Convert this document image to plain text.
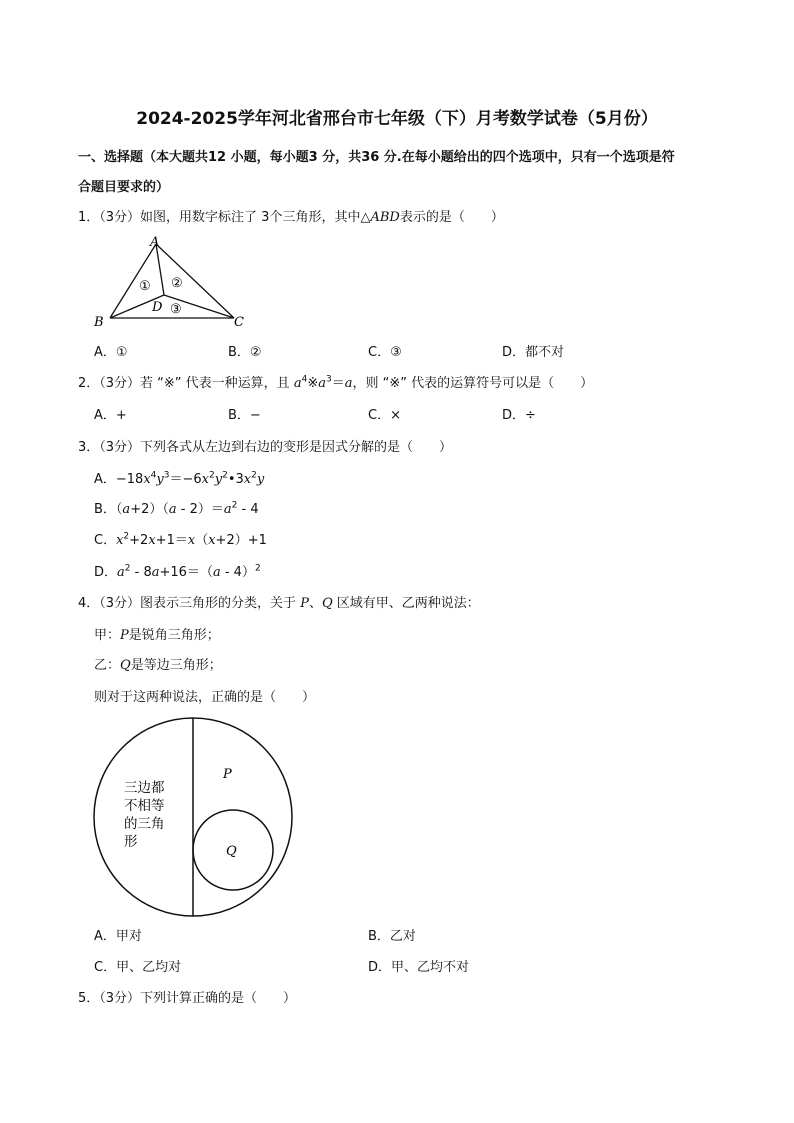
2024-2025学年河北省邢台市七年级（下）月考数学试卷（5月份）
一、选择题（本大题共12 小题，每小题3 分，共36 分.在每小题给出的四个选项中，只有一个选项是符
合题目要求的）
1．（3分）如图，用数字标注了 3个三角形，其中△ABD表示的是（　　）
A
B	C
D
① ②
③
A．①	B．②	C．③	D．都不对
2．（3分）若 “※” 代表一种运算，且 $a^4※a^3=a$，则 “※” 代表的运算符号可以是（　　）
A．+	B．−	C．×	D．÷
3．（3分）下列各式从左边到右边的变形是因式分解的是（　　）
A．$-18x^4y^3=-6x^2y^2•3x^2y$
B．$(a+2)(a - 2)=a^2 - 4$
C．$x^2+2x+1=x(x+2)+1$
D．$a^2 - 8a+16=(a - 4)^2$
4．（3分）图表示三角形的分类，关于 P、Q 区域有甲、乙两种说法：
甲：P是锐角三角形；
乙：Q是等边三角形；
则对于这两种说法，正确的是（　　）
三边都
不相等
的三角
形
P
Q
A．甲对	B．乙对
C．甲、乙均对	D．甲、乙均不对
5．（3分）下列计算正确的是（　　）
